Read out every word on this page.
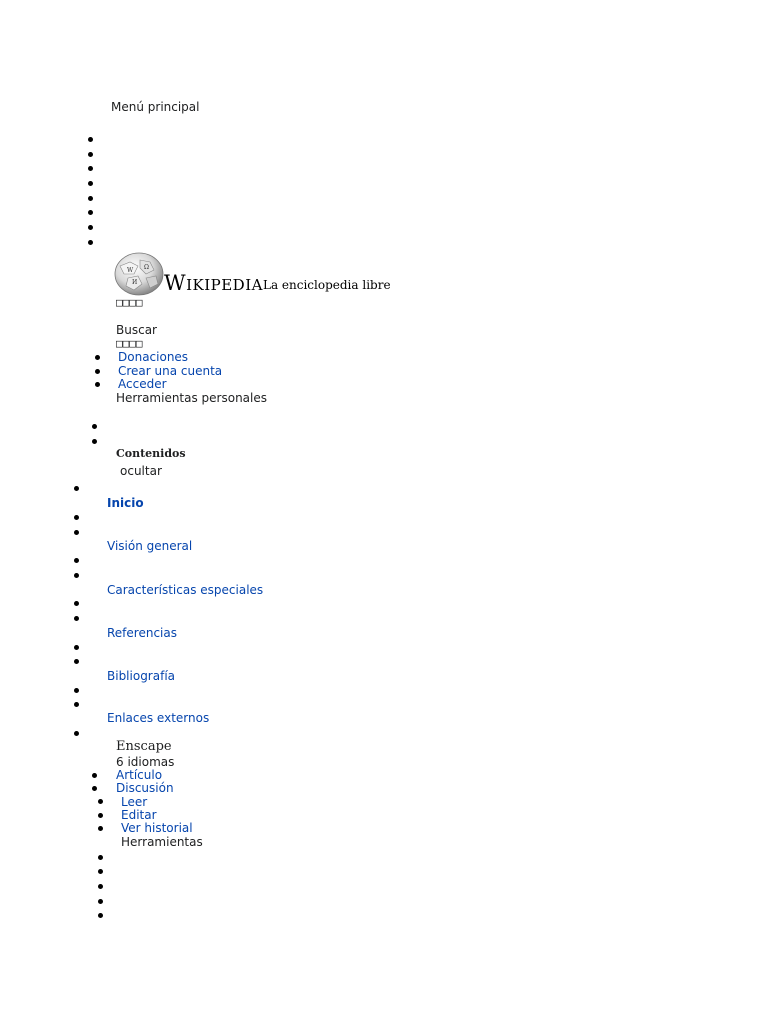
Menú principal
W Ω
И Wikipedia La enciclopedia libre
□□□□
Buscar
□□□□
Donaciones
Crear una cuenta
Acceder
Herramientas personales
Contenidos
ocultar
Inicio
Visión general
Características especiales
Referencias
Bibliografía
Enlaces externos
Enscape
6 idiomas
Artículo
Discusión
Leer
Editar
Ver historial
Herramientas
